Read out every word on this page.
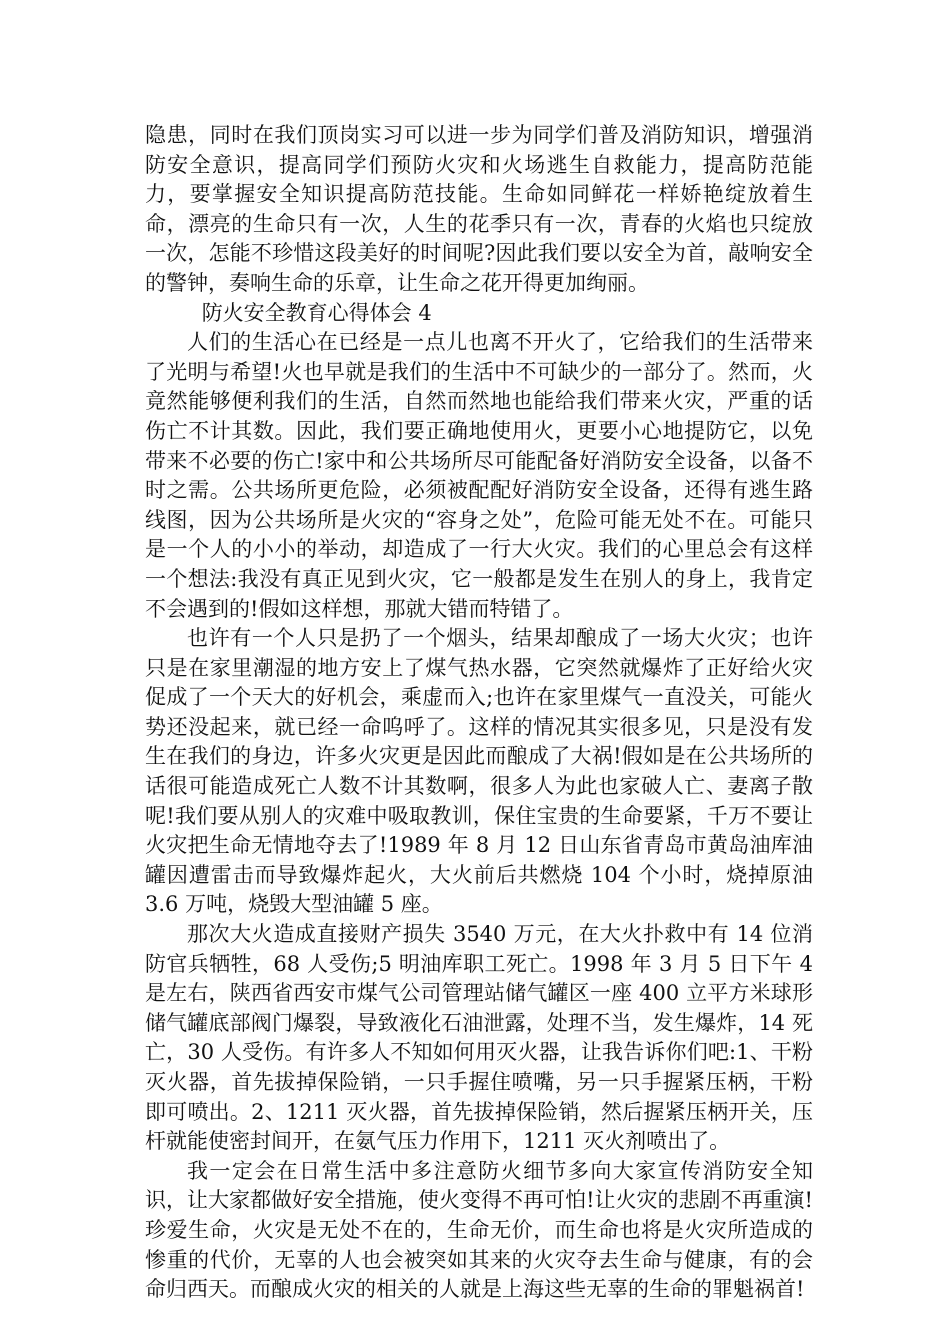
隐患，同时在我们顶岗实习可以进一步为同学们普及消防知识，增强消防安全意识，提高同学们预防火灾和火场逃生自救能力，提高防范能力，要掌握安全知识提高防范技能。生命如同鲜花一样娇艳绽放着生命，漂亮的生命只有一次，人生的花季只有一次，青春的火焰也只绽放一次，怎能不珍惜这段美好的时间呢?因此我们要以安全为首，敲响安全的警钟，奏响生命的乐章，让生命之花开得更加绚丽。

防火安全教育心得体会 4

人们的生活心在已经是一点儿也离不开火了，它给我们的生活带来了光明与希望!火也早就是我们的生活中不可缺少的一部分了。然而，火竟然能够便利我们的生活，自然而然地也能给我们带来火灾，严重的话伤亡不计其数。因此，我们要正确地使用火，更要小心地提防它，以免带来不必要的伤亡!家中和公共场所尽可能配备好消防安全设备，以备不时之需。公共场所更危险，必须被配配好消防安全设备，还得有逃生路线图，因为公共场所是火灾的“容身之处”，危险可能无处不在。可能只是一个人的小小的举动，却造成了一行大火灾。我们的心里总会有这样一个想法:我没有真正见到火灾，它一般都是发生在别人的身上，我肯定不会遇到的!假如这样想，那就大错而特错了。

也许有一个人只是扔了一个烟头，结果却酿成了一场大火灾；也许只是在家里潮湿的地方安上了煤气热水器，它突然就爆炸了正好给火灾促成了一个天大的好机会，乘虚而入;也许在家里煤气一直没关，可能火势还没起来，就已经一命呜呼了。这样的情况其实很多见，只是没有发生在我们的身边，许多火灾更是因此而酿成了大祸!假如是在公共场所的话很可能造成死亡人数不计其数啊，很多人为此也家破人亡、妻离子散呢!我们要从别人的灾难中吸取教训，保住宝贵的生命要紧，千万不要让火灾把生命无情地夺去了!1989 年 8 月 12 日山东省青岛市黄岛油库油罐因遭雷击而导致爆炸起火，大火前后共燃烧 104 个小时，烧掉原油 3.6 万吨，烧毁大型油罐 5 座。

那次大火造成直接财产损失 3540 万元，在大火扑救中有 14 位消防官兵牺牲，68 人受伤;5 明油库职工死亡。1998 年 3 月 5 日下午 4 是左右，陕西省西安市煤气公司管理站储气罐区一座 400 立平方米球形储气罐底部阀门爆裂，导致液化石油泄露，处理不当，发生爆炸，14 死亡，30 人受伤。有许多人不知如何用灭火器，让我告诉你们吧:1、干粉灭火器，首先拔掉保险销，一只手握住喷嘴，另一只手握紧压柄，干粉即可喷出。2、1211 灭火器，首先拔掉保险销，然后握紧压柄开关，压杆就能使密封间开，在氨气压力作用下，1211 灭火剂喷出了。

我一定会在日常生活中多注意防火细节多向大家宣传消防安全知识，让大家都做好安全措施，使火变得不再可怕!让火灾的悲剧不再重演!珍爱生命，火灾是无处不在的，生命无价，而生命也将是火灾所造成的惨重的代价，无辜的人也会被突如其来的火灾夺去生命与健康，有的会命归西天。而酿成火灾的相关的人就是上海这些无辜的生命的罪魁祸首!
